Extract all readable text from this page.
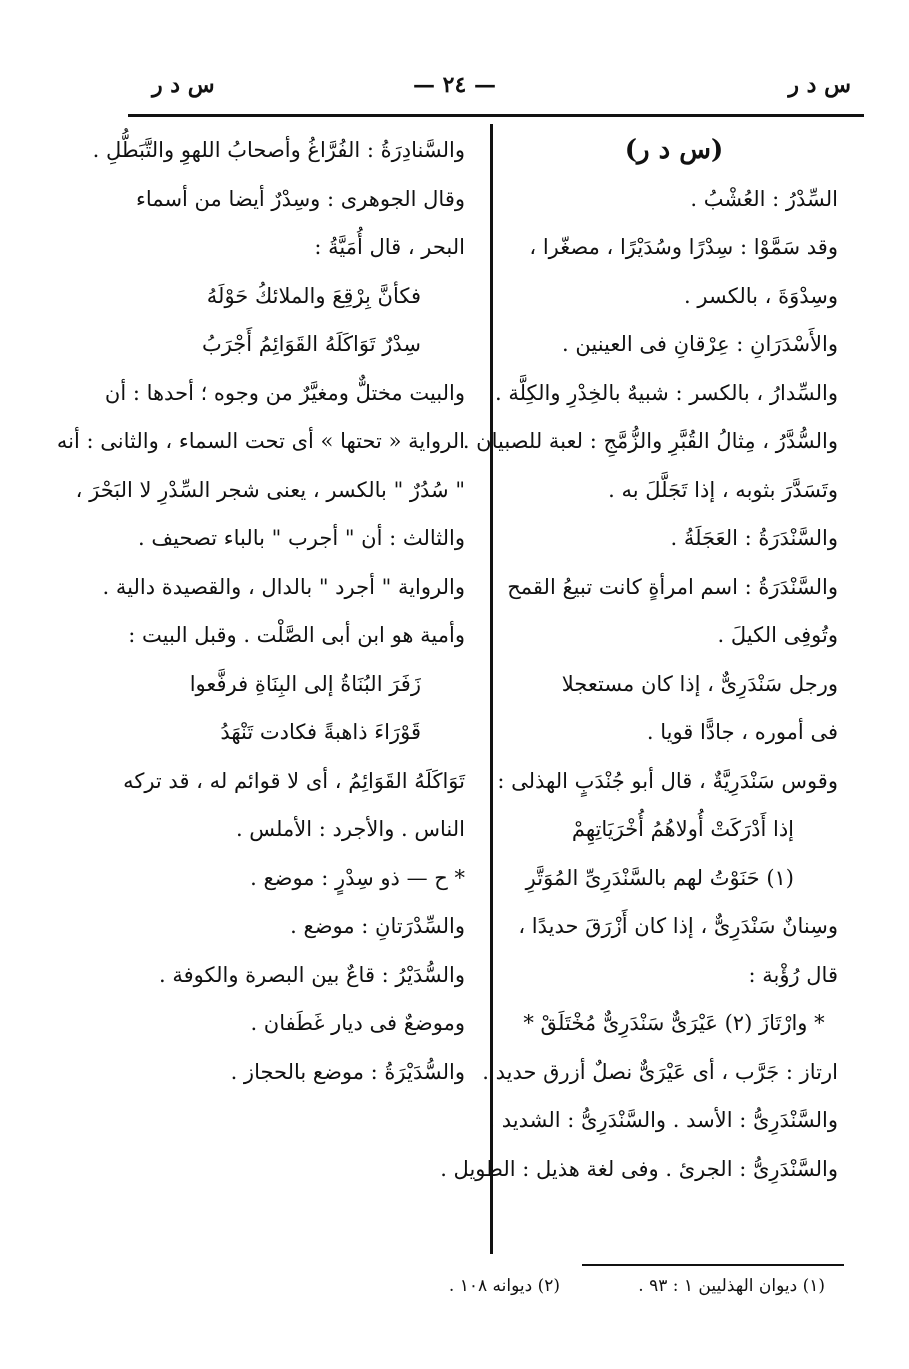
س د ر
— ٢٤ —
س د ر
(س د ر)
السِّدْرُ : العُشْبُ .
وقد سَمَّوْا : سِدْرًا وسُدَيْرًا ، مصغّرا ،
وسِدْوَةَ ، بالكسر .
والأَسْدَرَانِ : عِرْقانِ فى العينين .
والسِّدارُ ، بالكسر : شبيهٌ بالخِدْرِ والكِلَّة .
والسُّدَّرُ ، مِثالُ القُبَّرِ والزُّمَّجِ : لعبة للصبيان .
وتَسَدَّرَ بثوبه ، إذا تَجَلَّلَ به .
والسَّنْدَرَةُ : العَجَلَةُ .
والسَّنْدَرَةُ : اسم امرأةٍ كانت تبيعُ القمح
وتُوفِى الكيلَ .
ورجل سَنْدَرِىٌّ ، إذا كان مستعجلا
فى أموره ، جادًّا قويا .
وقوس سَنْدَرِيَّةٌ ، قال أبو جُنْدَبٍ الهذلى :
إذا أَدْرَكَتْ أُولاهُمُ أُخْرَيَاتِهِمْ
(١) حَنَوْتُ لهم بالسَّنْدَرِىِّ المُوَتَّرِ
وسِنانٌ سَنْدَرِىٌّ ، إذا كان أَزْرَقَ حديدًا ،
قال رُؤْبة :
* وارْتَازَ (٢) عَيْرَىٌّ سَنْدَرِىٌّ مُخْتَلَقْ *
ارتاز : جَرَّب ، أى عَيْرَىٌّ نصلٌ أزرق حديد .
والسَّنْدَرِىُّ : الأسد . والسَّنْدَرِىُّ : الشديد .
والسَّنْدَرِىُّ : الجرئ . وفى لغة هذيل : الطويل .
والسَّنادِرَةُ : الفُرَّاغُ وأصحابُ اللهوِ والتَّبَطُّلِ .
وقال الجوهرى : وسِدْرٌ أيضا من أسماء
البحر ، قال أُمَيَّةُ :
فكأنَّ بِرْقِعَ والملائكُ حَوْلَهُ
سِدْرٌ تَوَاكَلَهُ القَوَائِمُ أَجْرَبُ
والبيت مختلٌّ ومغيَّرٌ من وجوه ؛ أحدها : أن
الرواية « تحتها » أى تحت السماء ، والثانى : أنه
" سُدُرٌ " بالكسر ، يعنى شجر السِّدْرِ لا البَحْرَ ،
والثالث : أن " أجرب " بالباء تصحيف .
والرواية " أجرد " بالدال ، والقصيدة دالية .
وأمية هو ابن أبى الصَّلْت . وقبل البيت :
زَفَرَ البُنَاةُ إلى البِنَاةِ فرفَّعوا
قَوْرَاءَ ذاهبةً فكادت تَنْهَدُ
تَوَاكَلَهُ القَوَائِمُ ، أى لا قوائم له ، قد تركه
الناس . والأجرد : الأملس .
* ح — ذو سِدْرٍ : موضع .
والسِّدْرَتانِ : موضع .
والسُّدَيْرُ : قاعٌ بين البصرة والكوفة .
وموضعٌ فى ديار غَطَفان .
والسُّدَيْرَةُ : موضع بالحجاز .
(١) ديوان الهذليين ١ : ٩٣ .
(٢) ديوانه ١٠٨ .
